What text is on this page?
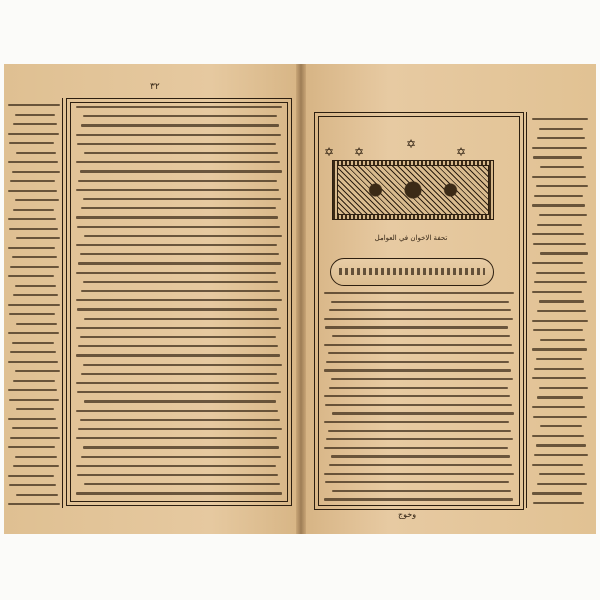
٣٢
✡
✡
✡
✡
تحفة الاخوان في العوامل
وخوج
